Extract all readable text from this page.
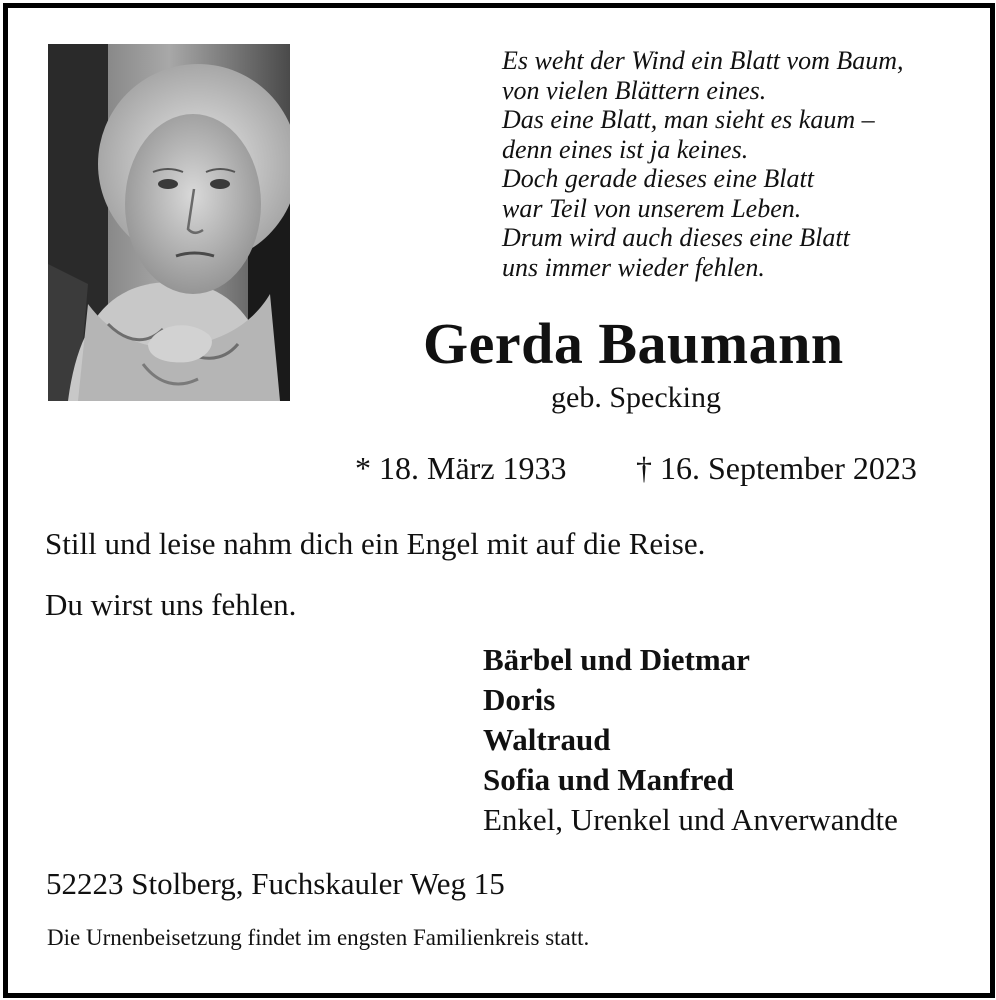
Es weht der Wind ein Blatt vom Baum,
von vielen Blättern eines.
Das eine Blatt, man sieht es kaum –
denn eines ist ja keines.
Doch gerade dieses eine Blatt
war Teil von unserem Leben.
Drum wird auch dieses eine Blatt
uns immer wieder fehlen.
Gerda Baumann
geb. Specking
* 18. März 1933 † 16. September 2023
Still und leise nahm dich ein Engel mit auf die Reise.
Du wirst uns fehlen.
Bärbel und Dietmar
Doris
Waltraud
Sofia und Manfred
Enkel, Urenkel und Anverwandte
52223 Stolberg, Fuchskauler Weg 15
Die Urnenbeisetzung findet im engsten Familienkreis statt.
